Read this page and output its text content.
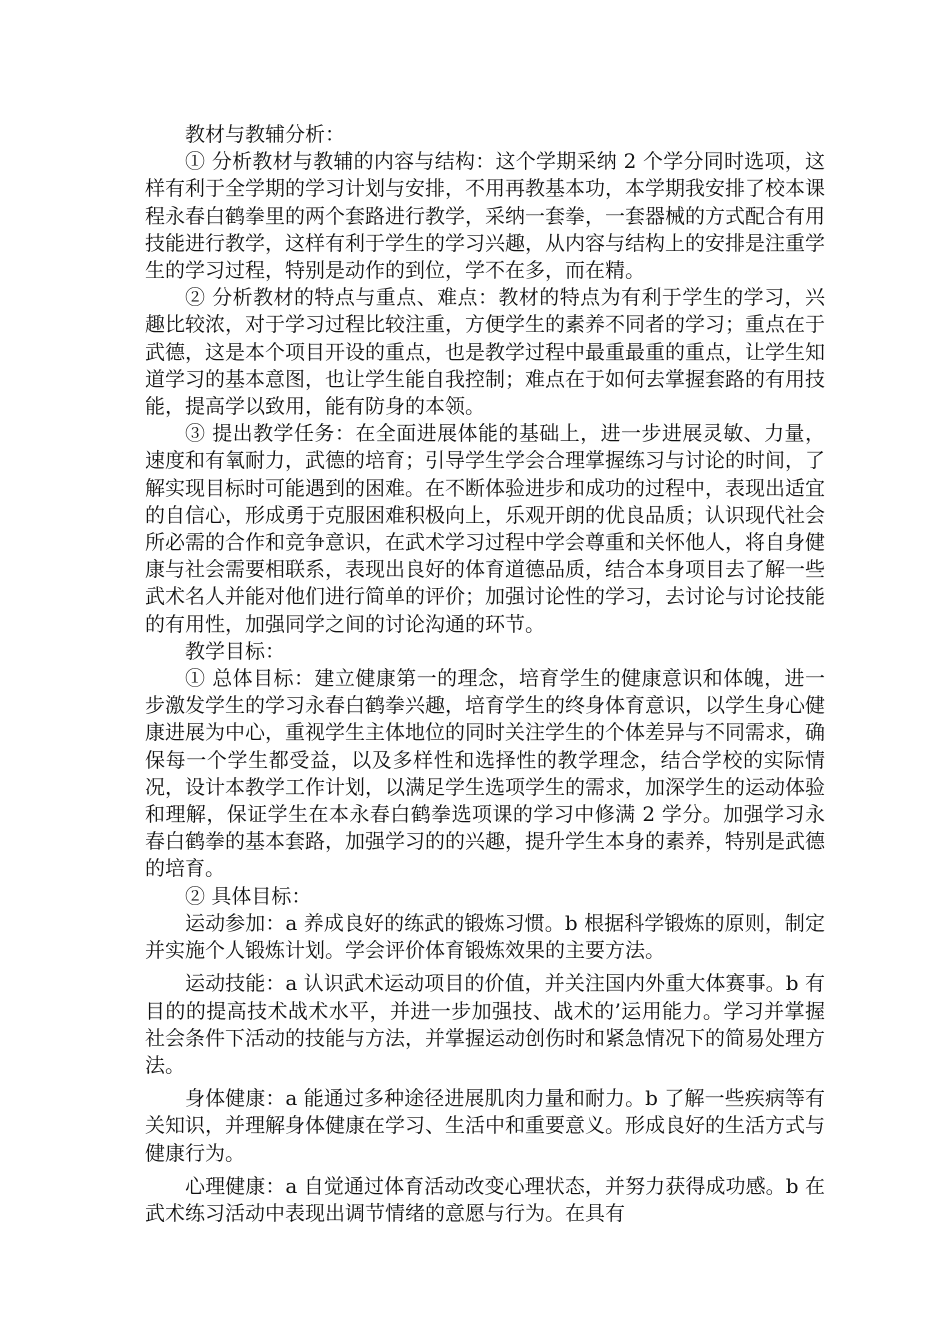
教材与教辅分析：

① 分析教材与教辅的内容与结构：这个学期采纳 2 个学分同时选项，这样有利于全学期的学习计划与安排，不用再教基本功，本学期我安排了校本课程永春白鹤拳里的两个套路进行教学，采纳一套拳，一套器械的方式配合有用技能进行教学，这样有利于学生的学习兴趣，从内容与结构上的安排是注重学生的学习过程，特别是动作的到位，学不在多，而在精。

② 分析教材的特点与重点、难点：教材的特点为有利于学生的学习，兴趣比较浓，对于学习过程比较注重，方便学生的素养不同者的学习；重点在于武德，这是本个项目开设的重点，也是教学过程中最重最重的重点，让学生知道学习的基本意图，也让学生能自我控制；难点在于如何去掌握套路的有用技能，提高学以致用，能有防身的本领。

③ 提出教学任务：在全面进展体能的基础上，进一步进展灵敏、力量，速度和有氧耐力，武德的培育；引导学生学会合理掌握练习与讨论的时间，了解实现目标时可能遇到的困难。在不断体验进步和成功的过程中，表现出适宜的自信心，形成勇于克服困难积极向上，乐观开朗的优良品质；认识现代社会所必需的合作和竞争意识，在武术学习过程中学会尊重和关怀他人，将自身健康与社会需要相联系，表现出良好的体育道德品质，结合本身项目去了解一些武术名人并能对他们进行简单的评价；加强讨论性的学习，去讨论与讨论技能的有用性，加强同学之间的讨论沟通的环节。

教学目标：

① 总体目标：建立健康第一的理念，培育学生的健康意识和体魄，进一步激发学生的学习永春白鹤拳兴趣，培育学生的终身体育意识，以学生身心健康进展为中心，重视学生主体地位的同时关注学生的个体差异与不同需求，确保每一个学生都受益，以及多样性和选择性的教学理念，结合学校的实际情况，设计本教学工作计划，以满足学生选项学生的需求，加深学生的运动体验和理解，保证学生在本永春白鹤拳选项课的学习中修满 2 学分。加强学习永春白鹤拳的基本套路，加强学习的的兴趣，提升学生本身的素养，特别是武德的培育。

② 具体目标：

运动参加：a 养成良好的练武的锻炼习惯。b 根据科学锻炼的原则，制定并实施个人锻炼计划。学会评价体育锻炼效果的主要方法。

运动技能：a 认识武术运动项目的价值，并关注国内外重大体赛事。b 有目的的提高技术战术水平，并进一步加强技、战术的’运用能力。学习并掌握社会条件下活动的技能与方法，并掌握运动创伤时和紧急情况下的简易处理方法。

身体健康：a 能通过多种途径进展肌肉力量和耐力。b 了解一些疾病等有关知识，并理解身体健康在学习、生活中和重要意义。形成良好的生活方式与健康行为。

心理健康：a 自觉通过体育活动改变心理状态，并努力获得成功感。b 在武术练习活动中表现出调节情绪的意愿与行为。在具有
